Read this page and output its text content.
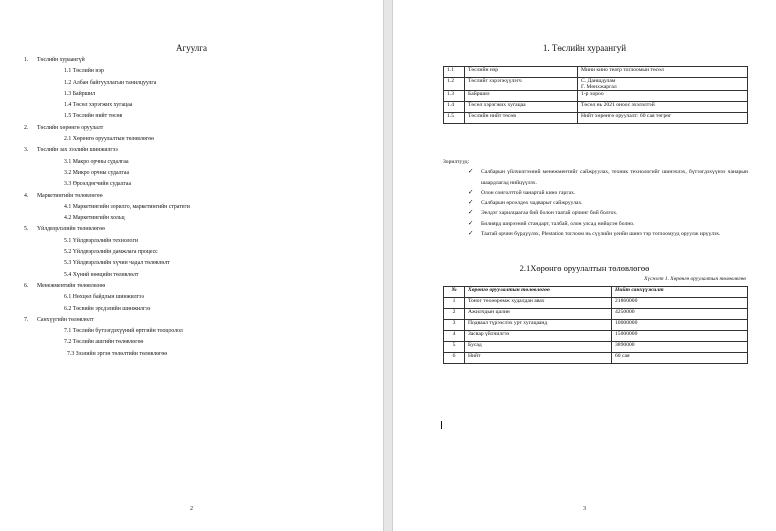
Агуулга
1. Төслийн хураангүй
1.1 Төслийн нэр
1.2 Албан байгууллагын танилцуулга
1.3 Байршил
1.4 Төсөл хэрэгжих хугацаа
1.5 Төслийн нийт төсөв
2. Төслийн хөрөнгө оруулалт
2.1 Хөрөнгө оруулалтын төлөвлөгөө
3. Төслийн зах зээлийн шинжилгээ
3.1 Макро орчны судалгаа
3.2 Микро орчны судалгаа
3.3 Өрсөлдөгчийн судалгаа
4. Маркетингийн төлөвлөгөө
4.1 Маркетингийн зорилго, маркетингийн стратеги
4.2 Маркетингийн хольц
5. Үйлдвэрлэлийн төлөвлөгөө
5.1 Үйлдвэрлэлийн технологи
5.2 Үйлдвэрлэлийн дамжлага процесс
5.3 Үйлдвэрлэлийн хүчин чадал төлөвлөлт
5.4 Хүний нөөцийн төлөвлөлт
6. Менежментийн төлөвлөлөө
6.1 Нөхцөл байдлын шинжилгээ
6.2 Төсвийн эрсдэлийн шинжилгээ
7. Санхүүгийн төлөвлөлт
7.1 Төслийн бүтээгдэхүүний өртгийн тооцоолол
7.2 Төслийн ашгийн төлөвлөгөө
7.3 Зээлийн эргэн төлөлтийн төлөвлөгөө
2
1. Төслийн хураангуй
1.1	Төслийн нэр	Мини кино театр тоглоомын төсөл
1.2	Төслийг хэрэгжүүлэгч	С. Даншдулам
Г. Мөнхжаргал
1.3	Байршил	1-р хороо
1.4	Төсөл хэрэгжих хугацаа	Төсөл нь 2021 оноос эхэлэлтэй
1.5	Төслийн нийт төсөв	Нийт хөрөнгө оруулалт: 60 сая төгрөг
Зорилтууд:
✓ Салбарын үйлчилгээний менежментийг сайжруулах, техник технологийг шинэчлэх, бүтээгдэхүүнээ чанарын шаардлагад нийцүүлэх.
✓ Олон сонголттой чанартай кино гаргах.
✓ Салбарын өрсөлдөх чадварыг сайжруулах.
✓ Эелдэг харилцаагаа бий болон таатай орчинг бий болгох.
✓ Билиярд ширээний стандарт, талбай, олон улсад нийцсэн болно.
✓ Таатай орчин бүрдүүлэх, Plestation тоглоом нь сүүлийн үеийн шинэ тэр тоглоомууд оруулж ирүүлэх.
2.1Хөрөнгө оруулалтын төлөвлөгөө
Хүснэгт 1. Хөрөнгө оруулалтын төлөвлөгөө
№	Хөрөнгө оруулалтын төлөвлөгөө	Нийт санхүүжилт
1	Тоног төхөөрөмж худалдан авах	21860000
2	Ажилчдын цалин	4250000
3	Подваал түрээслэх урт хугацаанд	10000000
4	Засвар үйлчилгээ	15000000
5	Бусад	3890000
6	Нийт	60 сая
3
